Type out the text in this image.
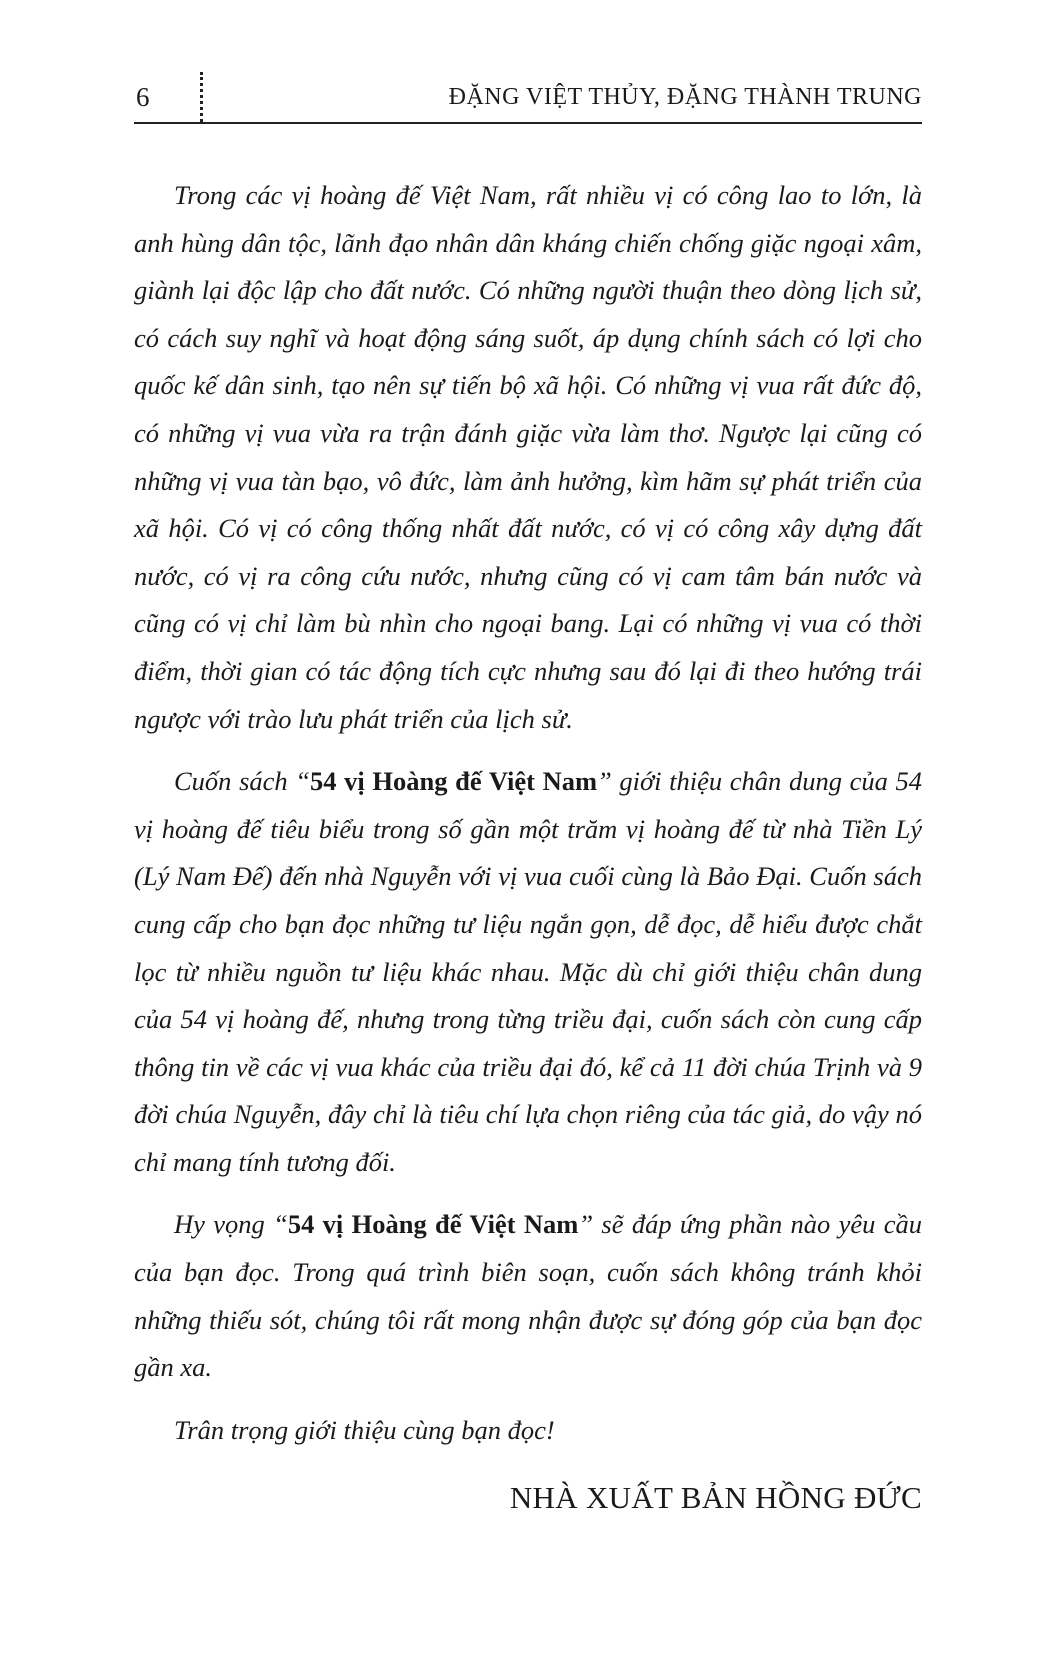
6	ĐẶNG VIỆT THỦY, ĐẶNG THÀNH TRUNG

Trong các vị hoàng đế Việt Nam, rất nhiều vị có công lao to lớn, là anh hùng dân tộc, lãnh đạo nhân dân kháng chiến chống giặc ngoại xâm, giành lại độc lập cho đất nước. Có những người thuận theo dòng lịch sử, có cách suy nghĩ và hoạt động sáng suốt, áp dụng chính sách có lợi cho quốc kế dân sinh, tạo nên sự tiến bộ xã hội. Có những vị vua rất đức độ, có những vị vua vừa ra trận đánh giặc vừa làm thơ. Ngược lại cũng có những vị vua tàn bạo, vô đức, làm ảnh hưởng, kìm hãm sự phát triển của xã hội. Có vị có công thống nhất đất nước, có vị có công xây dựng đất nước, có vị ra công cứu nước, nhưng cũng có vị cam tâm bán nước và cũng có vị chỉ làm bù nhìn cho ngoại bang. Lại có những vị vua có thời điểm, thời gian có tác động tích cực nhưng sau đó lại đi theo hướng trái ngược với trào lưu phát triển của lịch sử.

Cuốn sách “54 vị Hoàng đế Việt Nam” giới thiệu chân dung của 54 vị hoàng đế tiêu biểu trong số gần một trăm vị hoàng đế từ nhà Tiền Lý (Lý Nam Đế) đến nhà Nguyễn với vị vua cuối cùng là Bảo Đại. Cuốn sách cung cấp cho bạn đọc những tư liệu ngắn gọn, dễ đọc, dễ hiểu được chắt lọc từ nhiều nguồn tư liệu khác nhau. Mặc dù chỉ giới thiệu chân dung của 54 vị hoàng đế, nhưng trong từng triều đại, cuốn sách còn cung cấp thông tin về các vị vua khác của triều đại đó, kể cả 11 đời chúa Trịnh và 9 đời chúa Nguyễn, đây chỉ là tiêu chí lựa chọn riêng của tác giả, do vậy nó chỉ mang tính tương đối.

Hy vọng “54 vị Hoàng đế Việt Nam” sẽ đáp ứng phần nào yêu cầu của bạn đọc. Trong quá trình biên soạn, cuốn sách không tránh khỏi những thiếu sót, chúng tôi rất mong nhận được sự đóng góp của bạn đọc gần xa.

Trân trọng giới thiệu cùng bạn đọc!

NHÀ XUẤT BẢN HỒNG ĐỨC
